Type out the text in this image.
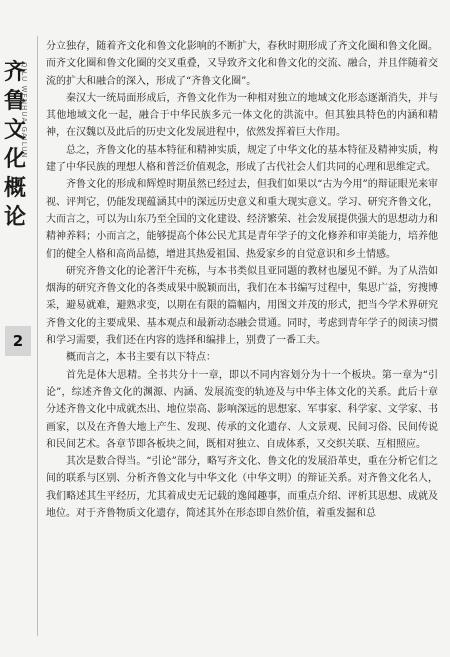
齐
鲁
文
化
概
论
QILU WENHUA GAILUN
2

分立独存，随着齐文化和鲁文化影响的不断扩大，春秋时期形成了齐文化圈和鲁文化圈。而齐文化圈和鲁文化圈的交叉重叠，又导致齐文化和鲁文化的交流、融合，并且伴随着交流的扩大和融合的深入，形成了“齐鲁文化圈”。

秦汉大一统局面形成后，齐鲁文化作为一种相对独立的地域文化形态逐渐消失，并与其他地域文化一起，融合于中华民族多元一体文化的洪流中。但其独具特色的内涵和精神，在汉魏以及此后的历史文化发展进程中，依然发挥着巨大作用。

总之，齐鲁文化的基本特征和精神实质，规定了中华文化的基本特征及精神实质，构建了中华民族的理想人格和普泛价值观念，形成了古代社会人们共同的心理和思维定式。

齐鲁文化的形成和辉煌时期虽然已经过去，但我们如果以“古为今用”的辩证眼光来审视、评判它，仍能发现蕴涵其中的深远历史意义和重大现实意义。学习、研究齐鲁文化，大而言之，可以为山东乃至全国的文化建设、经济繁荣、社会发展提供强大的思想动力和精神养料；小而言之，能够提高个体公民尤其是青年学子的文化修养和审美能力，培养他们的健全人格和高尚品德，增进其热爱祖国、热爱家乡的自觉意识和乡土情感。

研究齐鲁文化的论著汗牛充栋，与本书类似且亚同题的教材也屡见不鲜。为了从浩如烟海的研究齐鲁文化的各类成果中脱颖而出，我们在本书编写过程中，集思广益，穷搜博采，避易就难，避熟求变，以期在有限的篇幅内，用图文并茂的形式，把当今学术界研究齐鲁文化的主要成果、基本观点和最新动态融会贯通。同时，考虑到青年学子的阅读习惯和学习需要，我们还在内容的选择和编排上，别费了一番工夫。

概而言之，本书主要有以下特点：

首先是体大思精。全书共分十一章，即以不同内容划分为十一个板块。第一章为“引论”，综述齐鲁文化的渊源、内涵、发展流变的轨迹及与中华主体文化的关系。此后十章分述齐鲁文化中成就杰出、地位崇高、影响深远的思想家、军事家、科学家、文学家、书画家，以及在齐鲁大地上产生、发现、传承的文化遗存、人文景观、民间习俗、民间传说和民间艺术。各章节即各板块之间，既相对独立、自成体系，又交织关联、互相照应。

其次是数合得当。“引论”部分，略写齐文化、鲁文化的发展沿革史，重在分析它们之间的联系与区别、分析齐鲁文化与中华文化（中华文明）的辩证关系。对齐鲁文化名人，我们略述其生平经历，尤其着成史无记载的逸闻趣事，而重点介绍、评析其思想、成就及地位。对于齐鲁物质文化遗存，简述其外在形态即自然价值，着重发掘和总
